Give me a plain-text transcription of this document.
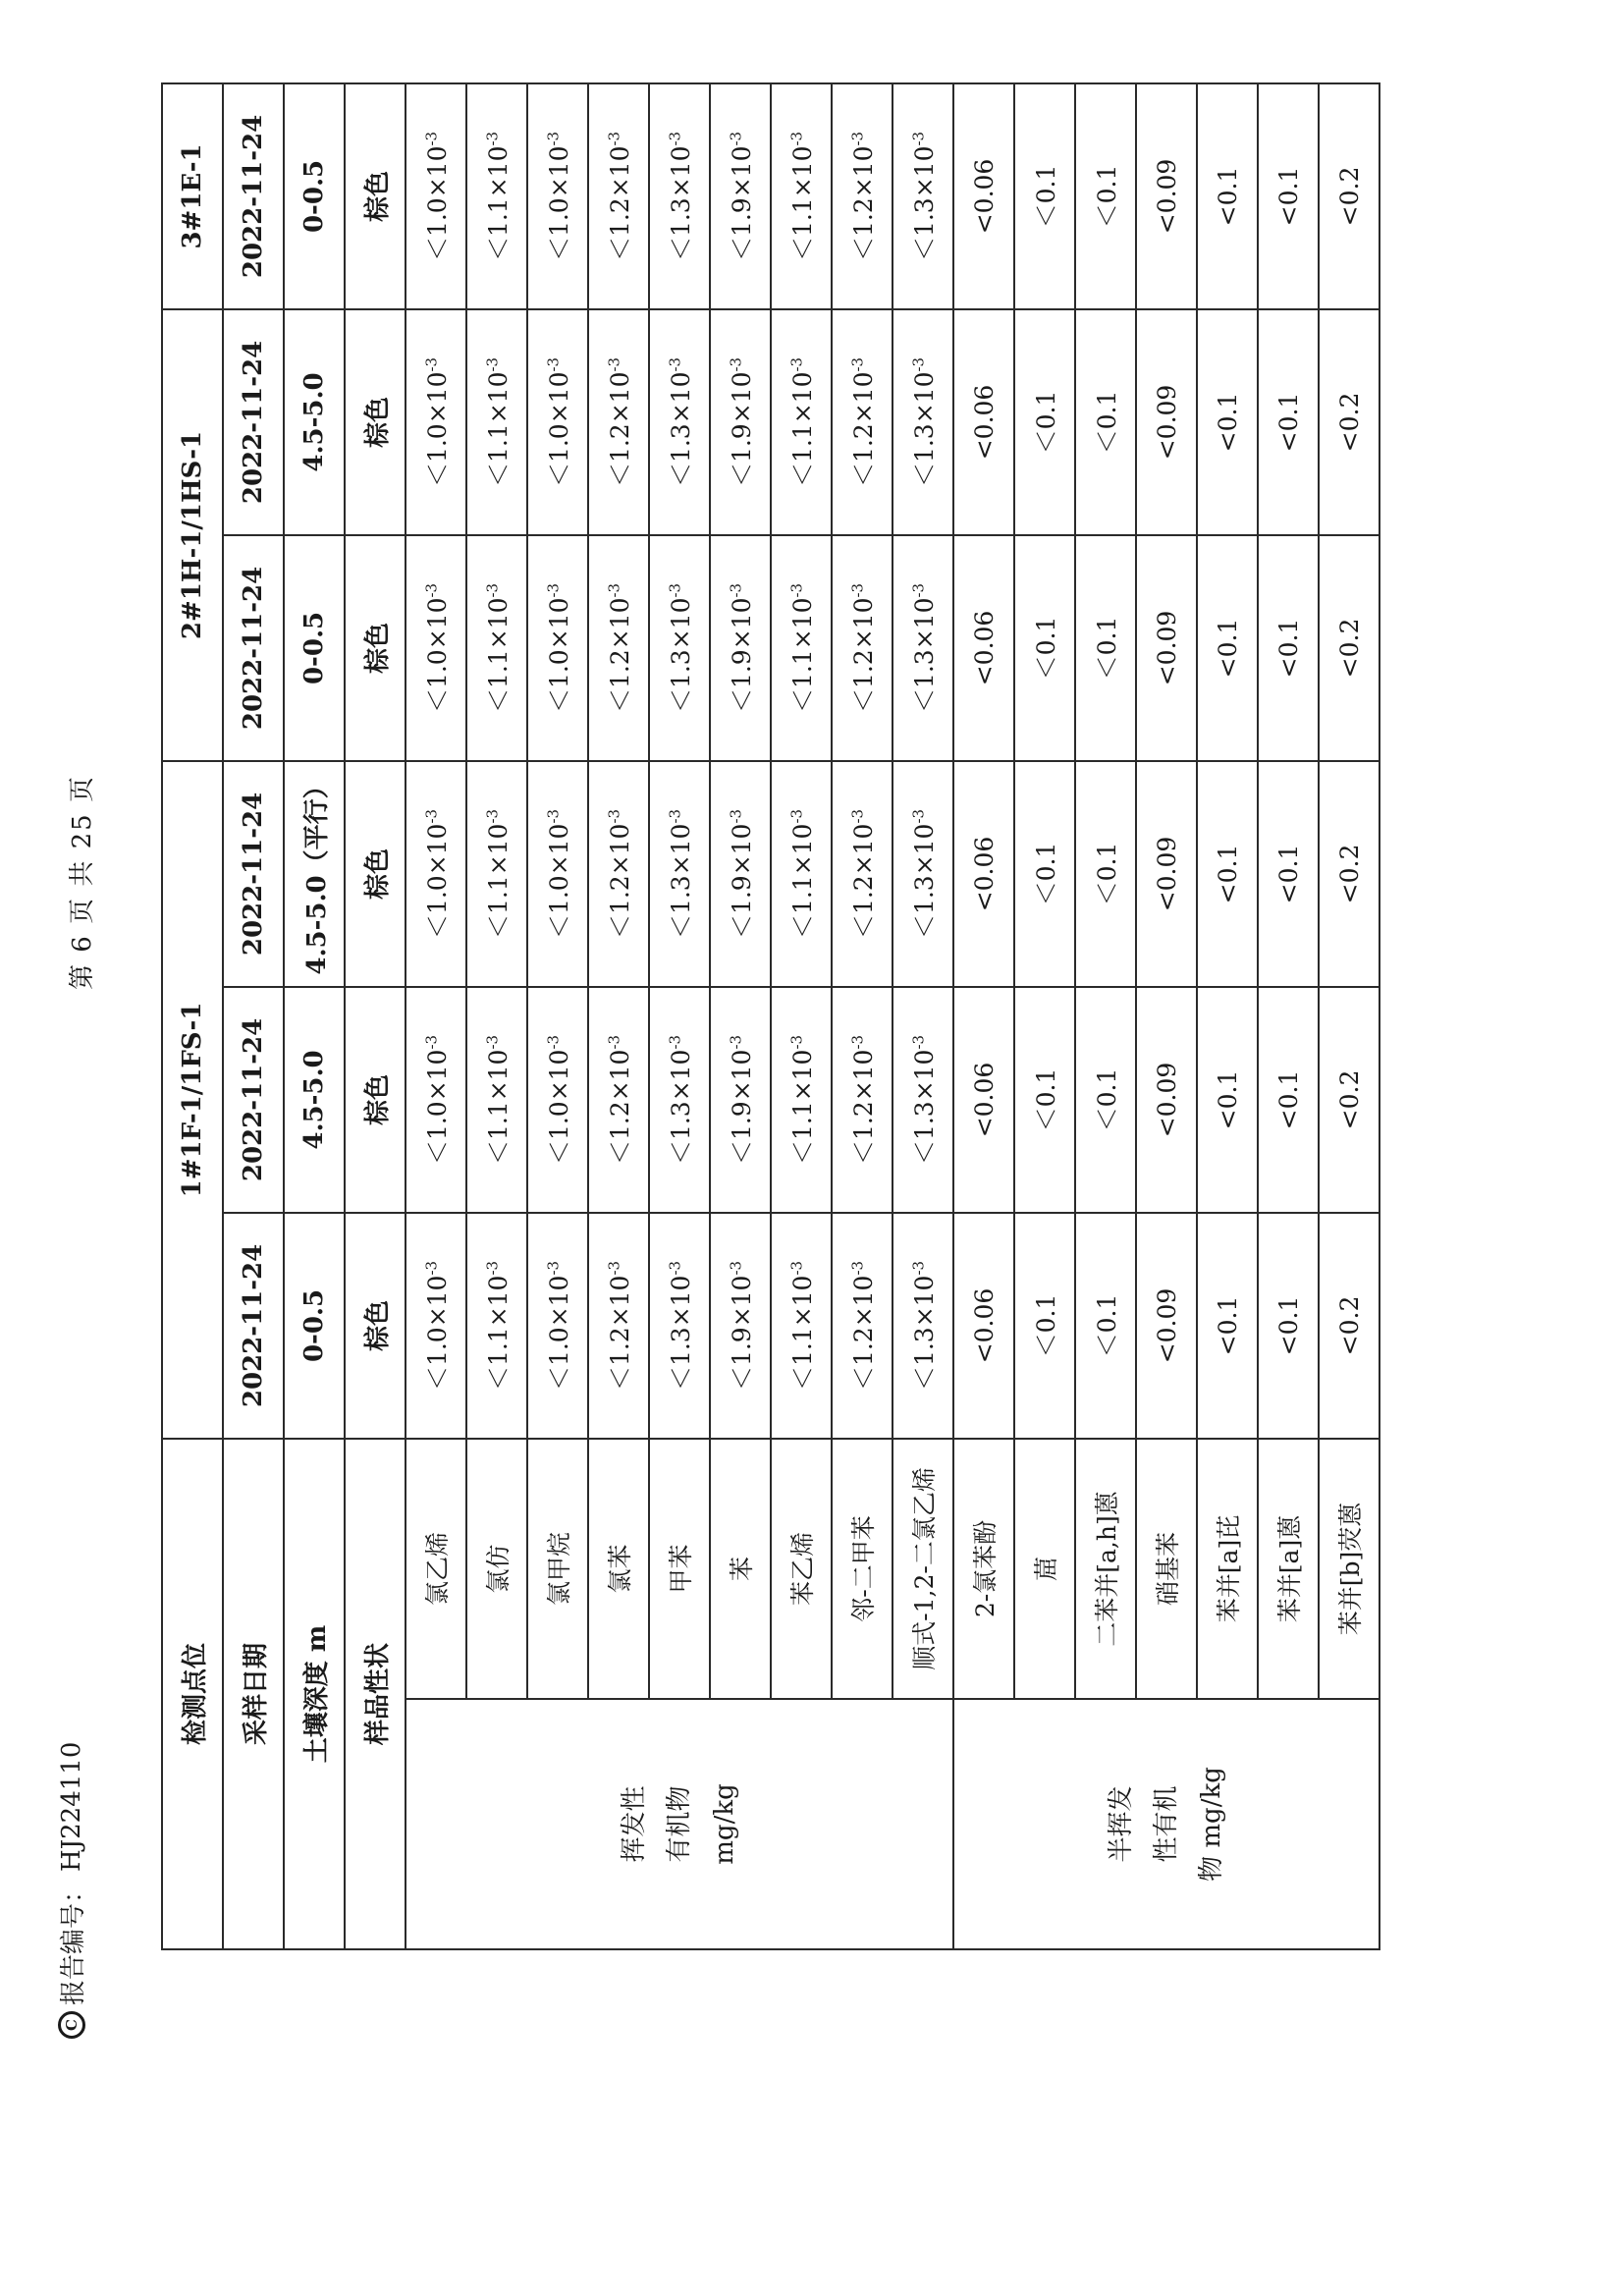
C
报告编号：
HJ224110
第 6 页 共 25 页
检测点位		1#1F-1/1FS-1			2#1H-1/1HS-1		3#1E-1
采样日期		2022-11-24	2022-11-24	2022-11-24	2022-11-24	2022-11-24	2022-11-24
土壤深度 m		0-0.5	4.5-5.0	4.5-5.0（平行）	0-0.5	4.5-5.0	0-0.5
样品性状		棕色	棕色	棕色	棕色	棕色	棕色

挥发性 有机物 mg/kg	氯乙烯	$<1.0\times 10^{-3}$	$<1.0\times 10^{-3}$	$<1.0\times 10^{-3}$	$<1.0\times 10^{-3}$	$<1.0\times 10^{-3}$	$<1.0\times 10^{-3}$
	氯仿	$<1.1\times 10^{-3}$	$<1.1\times 10^{-3}$	$<1.1\times 10^{-3}$	$<1.1\times 10^{-3}$	$<1.1\times 10^{-3}$	$<1.1\times 10^{-3}$
	氯甲烷	$<1.0\times 10^{-3}$	$<1.0\times 10^{-3}$	$<1.0\times 10^{-3}$	$<1.0\times 10^{-3}$	$<1.0\times 10^{-3}$	$<1.0\times 10^{-3}$
	氯苯	$<1.2\times 10^{-3}$	$<1.2\times 10^{-3}$	$<1.2\times 10^{-3}$	$<1.2\times 10^{-3}$	$<1.2\times 10^{-3}$	$<1.2\times 10^{-3}$
	甲苯	$<1.3\times 10^{-3}$	$<1.3\times 10^{-3}$	$<1.3\times 10^{-3}$	$<1.3\times 10^{-3}$	$<1.3\times 10^{-3}$	$<1.3\times 10^{-3}$
	苯	$<1.9\times 10^{-3}$	$<1.9\times 10^{-3}$	$<1.9\times 10^{-3}$	$<1.9\times 10^{-3}$	$<1.9\times 10^{-3}$	$<1.9\times 10^{-3}$
	苯乙烯	$<1.1\times 10^{-3}$	$<1.1\times 10^{-3}$	$<1.1\times 10^{-3}$	$<1.1\times 10^{-3}$	$<1.1\times 10^{-3}$	$<1.1\times 10^{-3}$
	邻-二甲苯	$<1.2\times 10^{-3}$	$<1.2\times 10^{-3}$	$<1.2\times 10^{-3}$	$<1.2\times 10^{-3}$	$<1.2\times 10^{-3}$	$<1.2\times 10^{-3}$
	顺式-1,2-二氯乙烯	$<1.3\times 10^{-3}$	$<1.3\times 10^{-3}$	$<1.3\times 10^{-3}$	$<1.3\times 10^{-3}$	$<1.3\times 10^{-3}$	$<1.3\times 10^{-3}$

半挥发 性有机 物 mg/kg	2-氯苯酚	<0.06	<0.06	<0.06	<0.06	<0.06	<0.06
	䓛	＜0.1	＜0.1	＜0.1	＜0.1	＜0.1	＜0.1
	二苯并[a,h]蒽	＜0.1	＜0.1	＜0.1	＜0.1	＜0.1	＜0.1
	硝基苯	<0.09	<0.09	<0.09	<0.09	<0.09	<0.09
	苯并[a]芘	<0.1	<0.1	<0.1	<0.1	<0.1	<0.1
	苯并[a]蒽	<0.1	<0.1	<0.1	<0.1	<0.1	<0.1
	苯并[b]荧蒽	<0.2	<0.2	<0.2	<0.2	<0.2	<0.2
